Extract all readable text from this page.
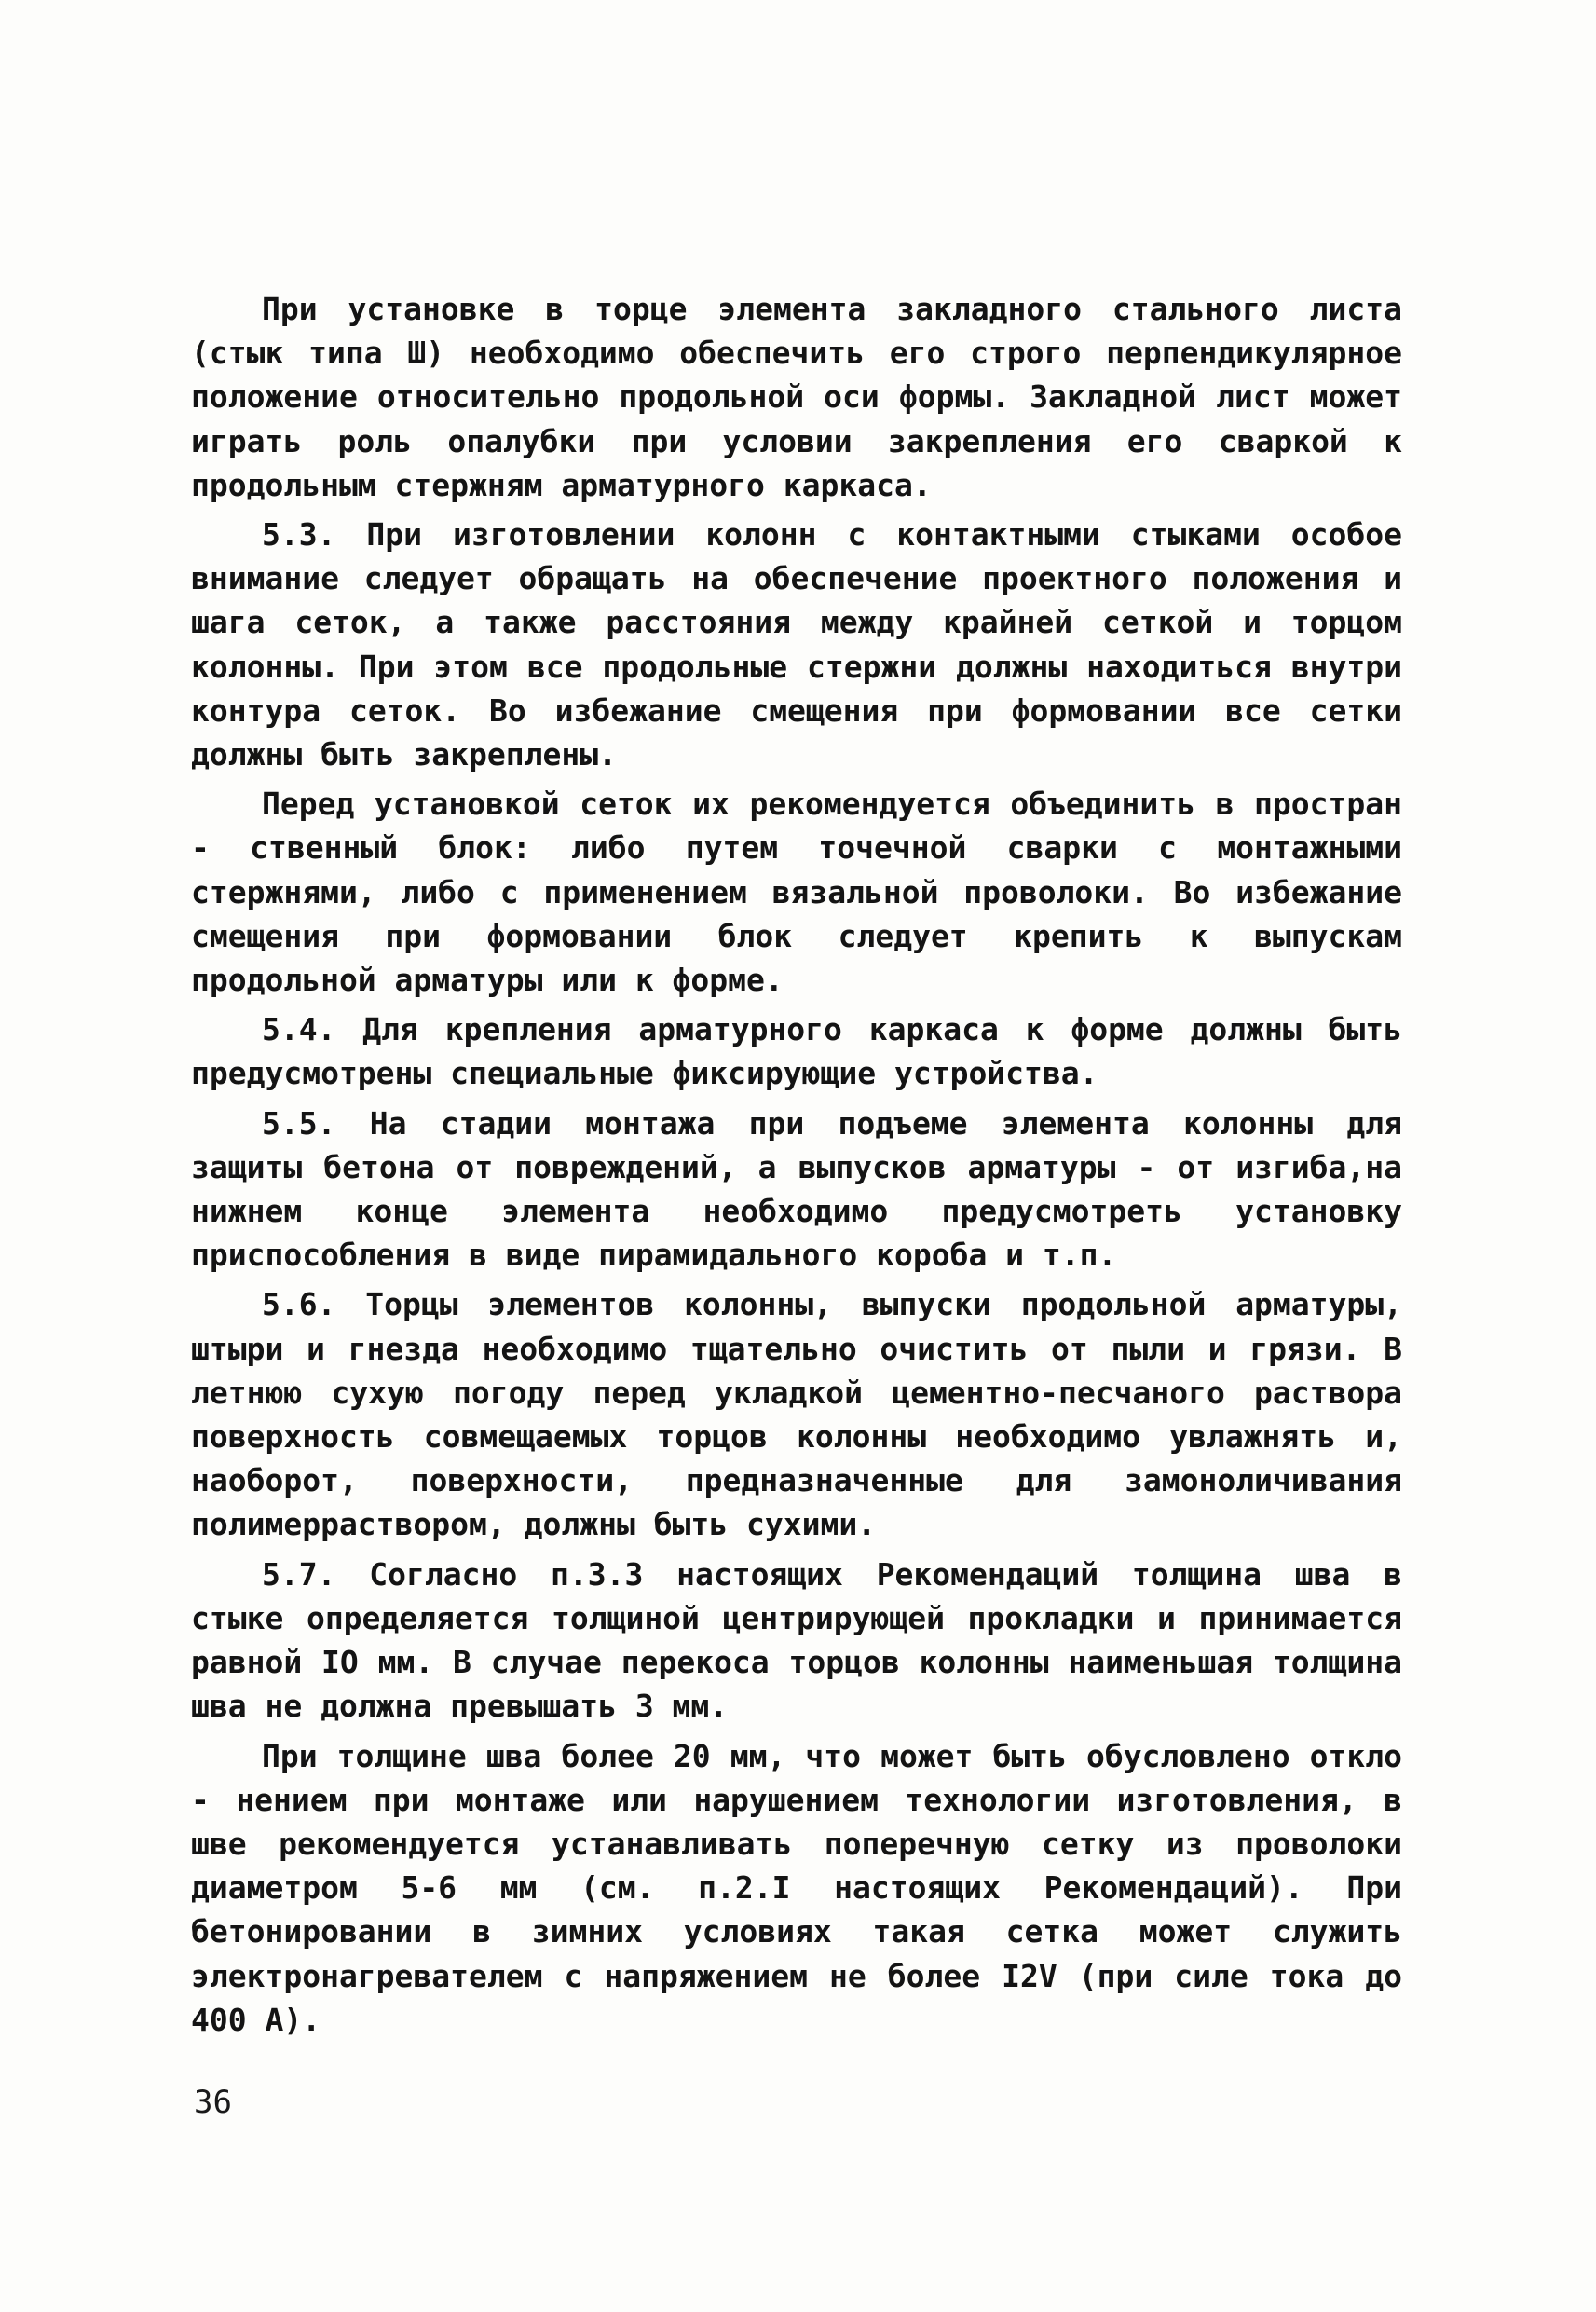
При установке в торце элемента закладного стального листа (стык типа Ш) необходимо обеспечить его строго перпендикулярное положение относительно продольной оси формы. Закладной лист может играть роль опалубки при условии закрепления его сваркой к продольным стержням арматурного каркаса.

5.3. При изготовлении колонн с контактными стыками особое внимание следует обращать на обеспечение проектного положения и шага сеток, а также расстояния между крайней сеткой и торцом колонны. При этом все продольные стержни должны находиться внутри контура сеток. Во избежание смещения при формовании все сетки должны быть закреплены.

Перед установкой сеток их рекомендуется объединить в простран - ственный блок: либо путем точечной сварки с монтажными стержнями, либо с применением вязальной проволоки. Во избежание смещения при формовании блок следует крепить к выпускам продольной арматуры или к форме.

5.4. Для крепления арматурного каркаса к форме должны быть предусмотрены специальные фиксирующие устройства.

5.5. На стадии монтажа при подъеме элемента колонны для защиты бетона от повреждений, а выпусков арматуры - от изгиба,на нижнем конце элемента необходимо предусмотреть установку приспособления в виде пирамидального короба и т.п.

5.6. Торцы элементов колонны, выпуски продольной арматуры, штыри и гнезда необходимо тщательно очистить от пыли и грязи. В летнюю сухую погоду перед укладкой цементно-песчаного раствора поверхность совмещаемых торцов колонны необходимо увлажнять и, наоборот, поверхности, предназначенные для замоноличивания полимерраствором, должны быть сухими.

5.7. Согласно п.3.3 настоящих Рекомендаций толщина шва в стыке определяется толщиной центрирующей прокладки и принимается равной IO мм. В случае перекоса торцов колонны наименьшая толщина шва не должна превышать 3 мм.

При толщине шва более 20 мм, что может быть обусловлено откло - нением при монтаже или нарушением технологии изготовления, в шве рекомендуется устанавливать поперечную сетку из проволоки диаметром 5-6 мм (см. п.2.I настоящих Рекомендаций). При бетонировании в зимних условиях такая сетка может служить электронагревателем с напряжением не более I2V (при силе тока до 400 А).

36
